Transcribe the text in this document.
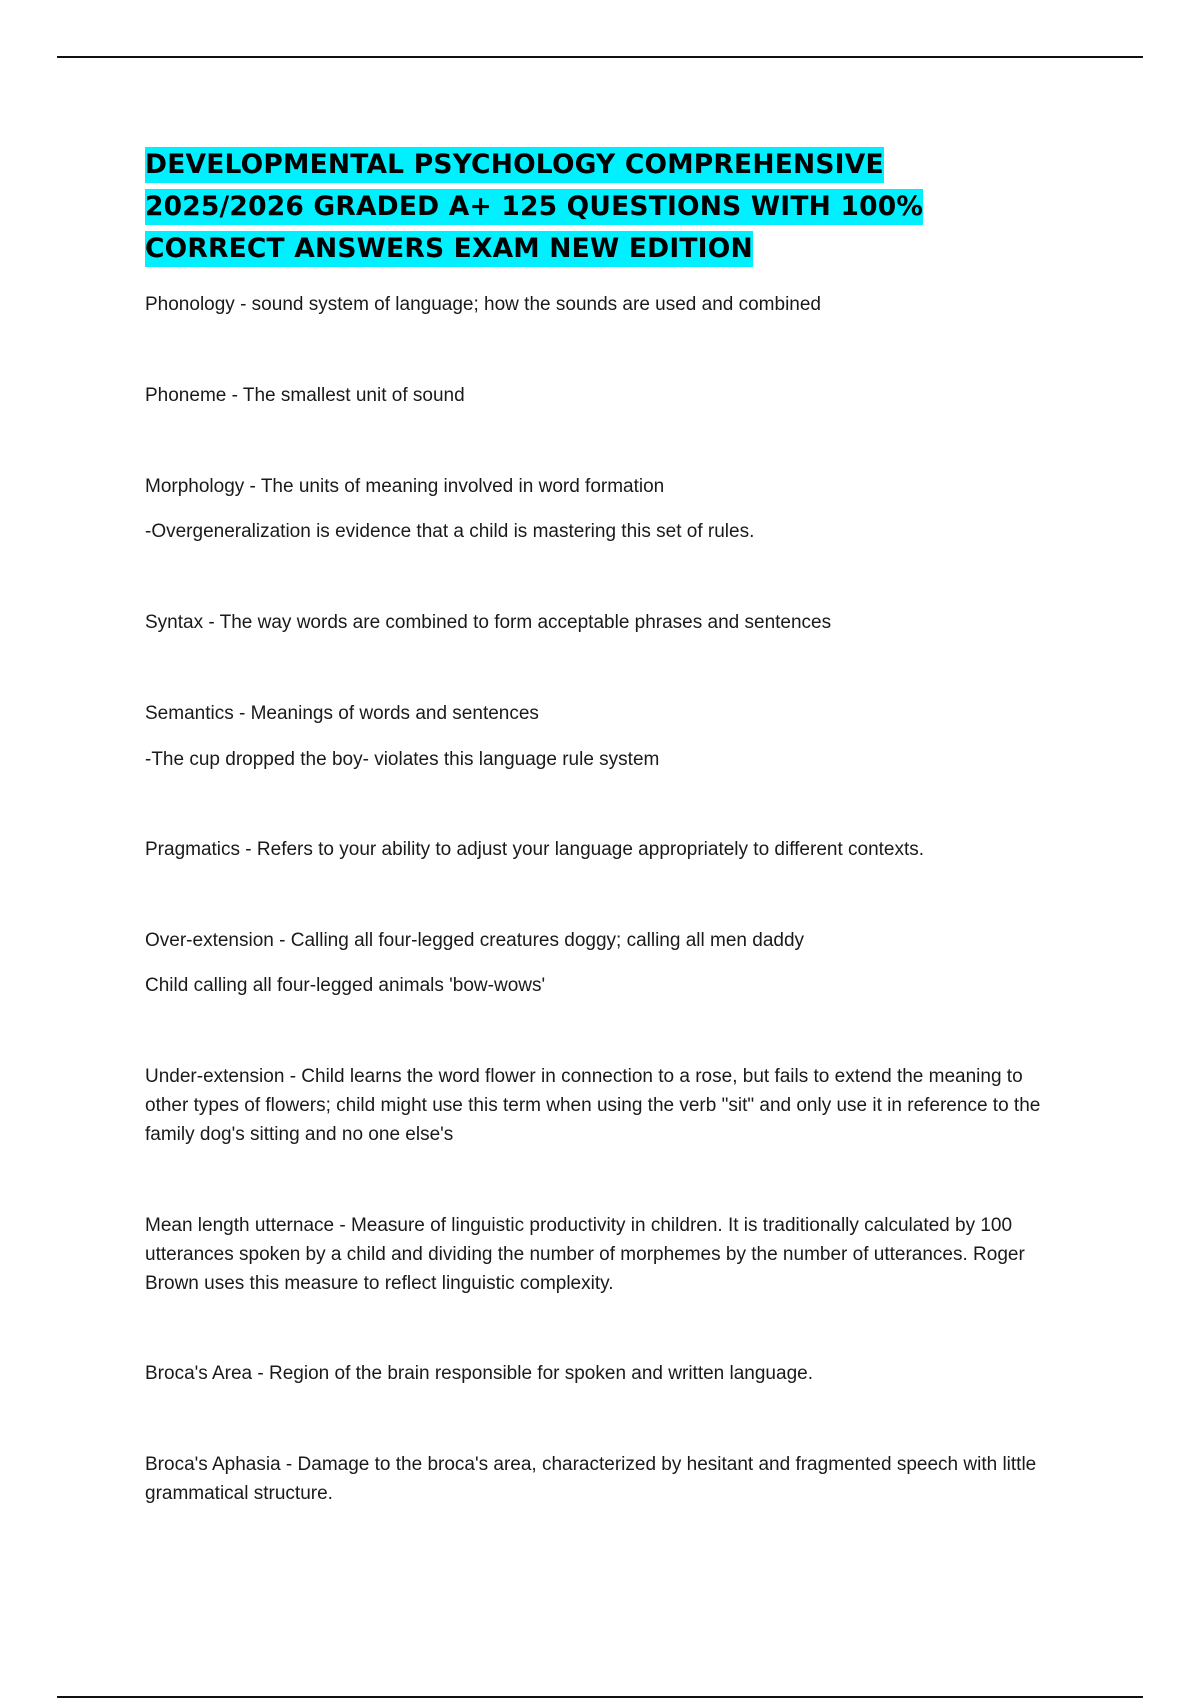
DEVELOPMENTAL PSYCHOLOGY COMPREHENSIVE
2025/2026 GRADED A+ 125 QUESTIONS WITH 100%
CORRECT ANSWERS EXAM NEW EDITION

Phonology - sound system of language; how the sounds are used and combined

Phoneme - The smallest unit of sound

Morphology - The units of meaning involved in word formation

-Overgeneralization is evidence that a child is mastering this set of rules.

Syntax - The way words are combined to form acceptable phrases and sentences

Semantics - Meanings of words and sentences

-The cup dropped the boy- violates this language rule system

Pragmatics - Refers to your ability to adjust your language appropriately to different contexts.

Over-extension - Calling all four-legged creatures doggy; calling all men daddy

Child calling all four-legged animals 'bow-wows'

Under-extension - Child learns the word flower in connection to a rose, but fails to extend the meaning to other types of flowers; child might use this term when using the verb "sit" and only use it in reference to the family dog's sitting and no one else's

Mean length utternace - Measure of linguistic productivity in children. It is traditionally calculated by 100 utterances spoken by a child and dividing the number of morphemes by the number of utterances. Roger Brown uses this measure to reflect linguistic complexity.

Broca's Area - Region of the brain responsible for spoken and written language.

Broca's Aphasia - Damage to the broca's area, characterized by hesitant and fragmented speech with little grammatical structure.
